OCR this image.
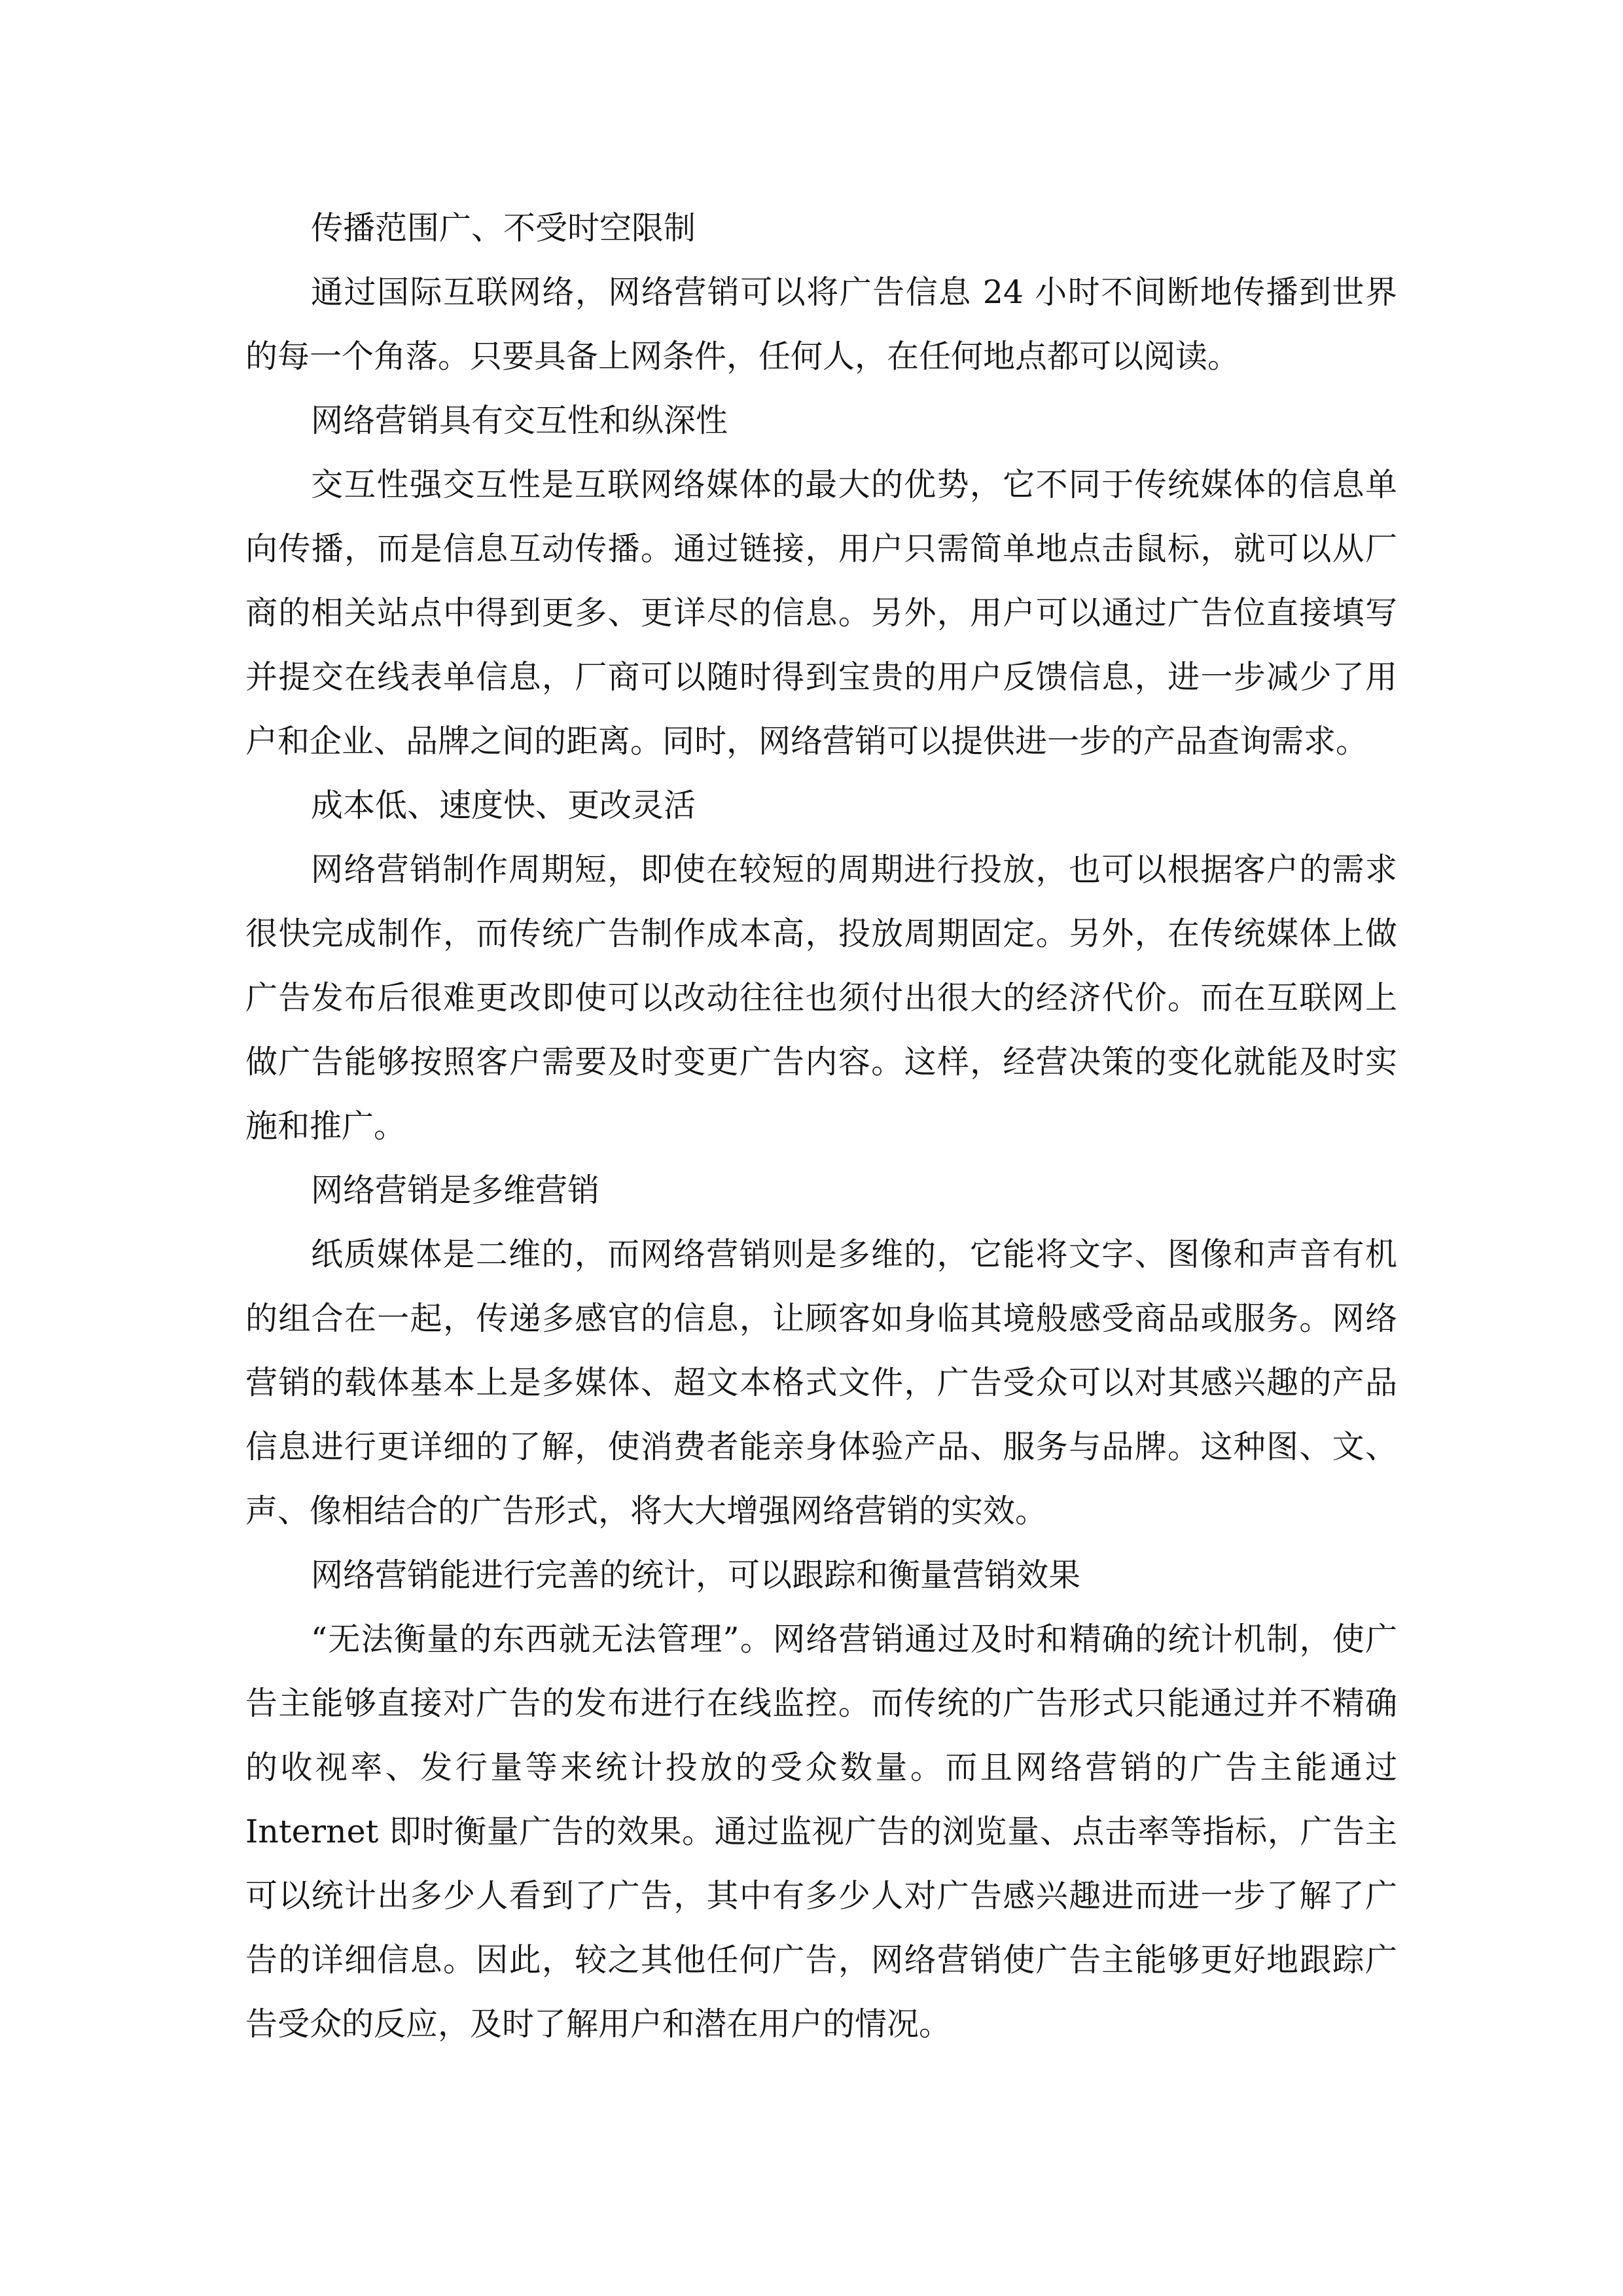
传播范围广、不受时空限制

通过国际互联网络，网络营销可以将广告信息 24 小时不间断地传播到世界的每一个角落。只要具备上网条件，任何人，在任何地点都可以阅读。

网络营销具有交互性和纵深性

交互性强交互性是互联网络媒体的最大的优势，它不同于传统媒体的信息单向传播，而是信息互动传播。通过链接，用户只需简单地点击鼠标，就可以从厂商的相关站点中得到更多、更详尽的信息。另外，用户可以通过广告位直接填写并提交在线表单信息，厂商可以随时得到宝贵的用户反馈信息，进一步减少了用户和企业、品牌之间的距离。同时，网络营销可以提供进一步的产品查询需求。

成本低、速度快、更改灵活

网络营销制作周期短，即使在较短的周期进行投放，也可以根据客户的需求很快完成制作，而传统广告制作成本高，投放周期固定。另外，在传统媒体上做广告发布后很难更改即使可以改动往往也须付出很大的经济代价。而在互联网上做广告能够按照客户需要及时变更广告内容。这样，经营决策的变化就能及时实施和推广。

网络营销是多维营销

纸质媒体是二维的，而网络营销则是多维的，它能将文字、图像和声音有机的组合在一起，传递多感官的信息，让顾客如身临其境般感受商品或服务。网络营销的载体基本上是多媒体、超文本格式文件，广告受众可以对其感兴趣的产品信息进行更详细的了解，使消费者能亲身体验产品、服务与品牌。这种图、文、声、像相结合的广告形式，将大大增强网络营销的实效。

网络营销能进行完善的统计，可以跟踪和衡量营销效果

“无法衡量的东西就无法管理”。网络营销通过及时和精确的统计机制，使广告主能够直接对广告的发布进行在线监控。而传统的广告形式只能通过并不精确的收视率、发行量等来统计投放的受众数量。而且网络营销的广告主能通过Internet 即时衡量广告的效果。通过监视广告的浏览量、点击率等指标，广告主可以统计出多少人看到了广告，其中有多少人对广告感兴趣进而进一步了解了广告的详细信息。因此，较之其他任何广告，网络营销使广告主能够更好地跟踪广告受众的反应，及时了解用户和潜在用户的情况。
